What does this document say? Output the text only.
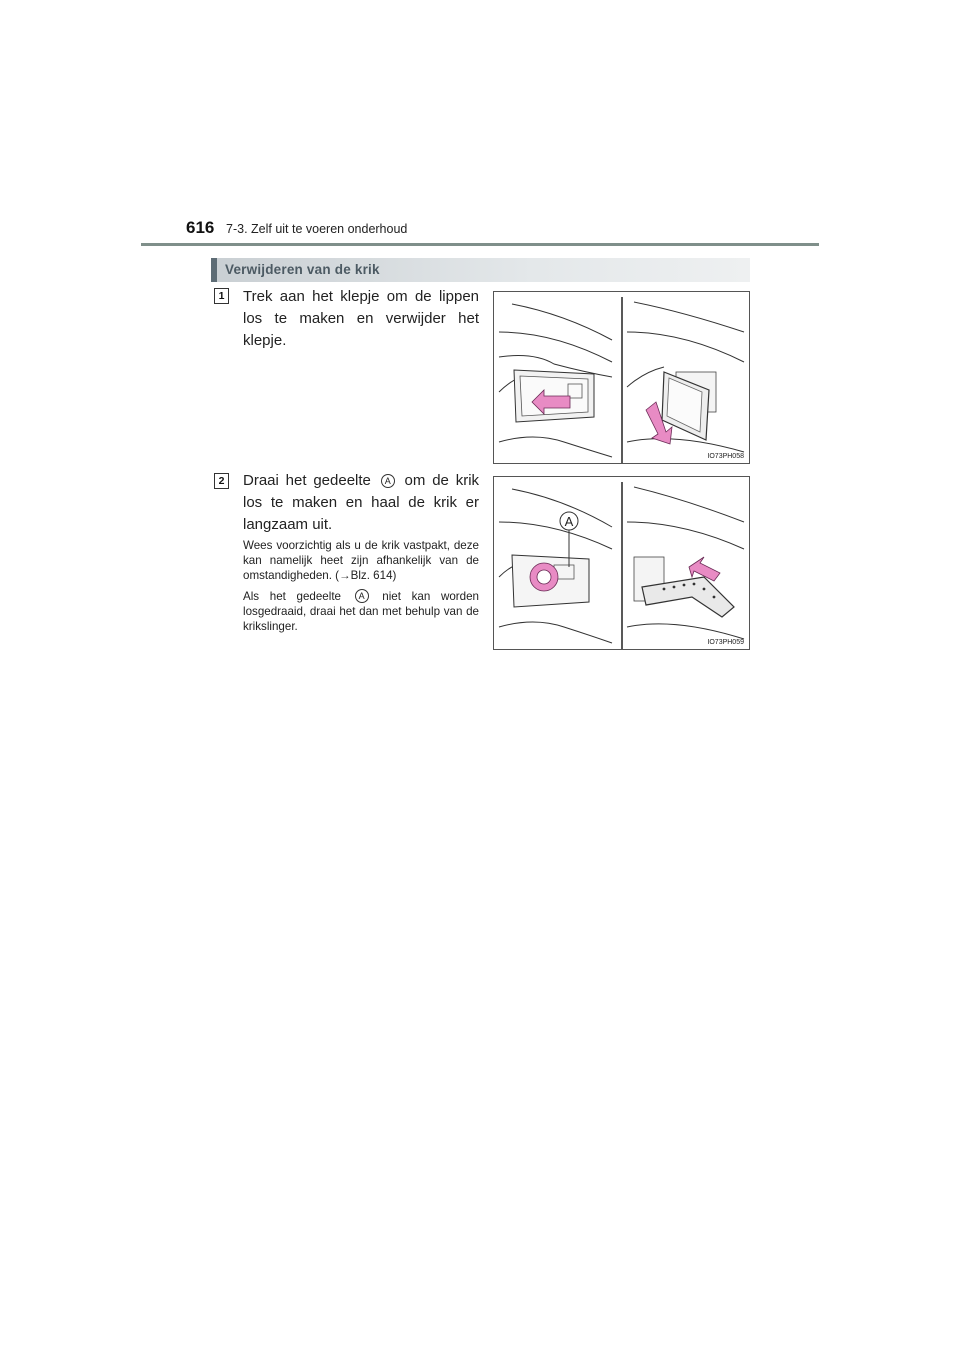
616 7-3. Zelf uit te voeren onderhoud
Verwijderen van de krik
1	Trek aan het klepje om de lippen los te maken en verwijder het klepje.
IO73PH058
2	Draai het gedeelte A om de krik los te maken en haal de krik er langzaam uit.
Wees voorzichtig als u de krik vastpakt, deze kan namelijk heet zijn afhankelijk van de omstandigheden. (→Blz. 614)
Als het gedeelte A niet kan worden losgedraaid, draai het dan met behulp van de krikslinger.
A
IO73PH059
